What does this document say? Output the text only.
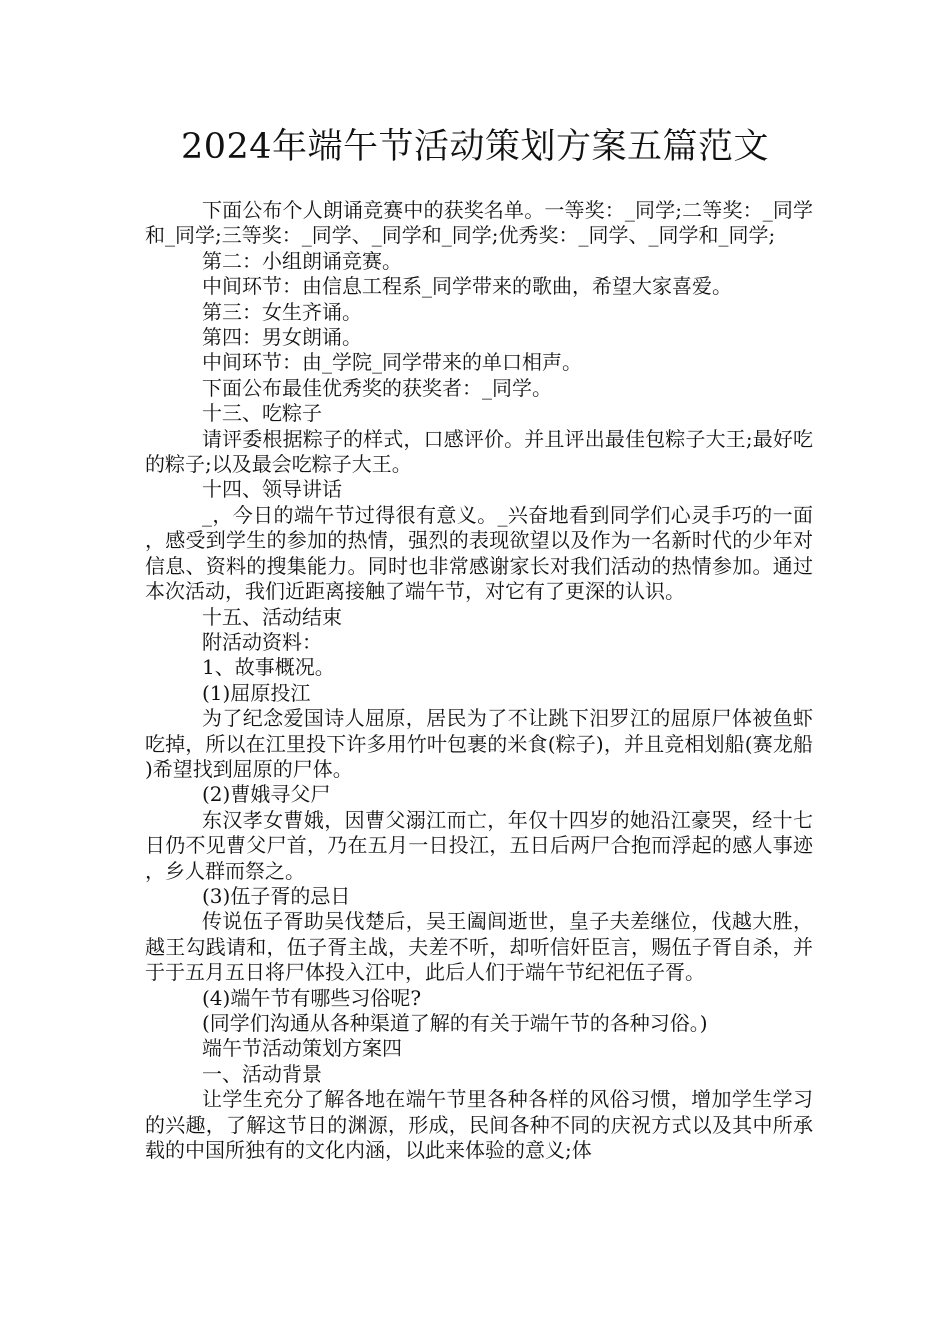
2024年端午节活动策划方案五篇范文

下面公布个人朗诵竞赛中的获奖名单。一等奖：_同学;二等奖：_同学和_同学;三等奖：_同学、_同学和_同学;优秀奖：_同学、_同学和_同学;

第二：小组朗诵竞赛。

中间环节：由信息工程系_同学带来的歌曲，希望大家喜爱。

第三：女生齐诵。

第四：男女朗诵。

中间环节：由_学院_同学带来的单口相声。

下面公布最佳优秀奖的获奖者：_同学。

十三、吃粽子

请评委根据粽子的样式，口感评价。并且评出最佳包粽子大王;最好吃的粽子;以及最会吃粽子大王。

十四、领导讲话

_，今日的端午节过得很有意义。_兴奋地看到同学们心灵手巧的一面，感受到学生的参加的热情，强烈的表现欲望以及作为一名新时代的少年对信息、资料的搜集能力。同时也非常感谢家长对我们活动的热情参加。通过本次活动，我们近距离接触了端午节，对它有了更深的认识。

十五、活动结束

附活动资料：

1、故事概况。

(1)屈原投江

为了纪念爱国诗人屈原，居民为了不让跳下汨罗江的屈原尸体被鱼虾吃掉，所以在江里投下许多用竹叶包裹的米食(粽子)，并且竞相划船(赛龙船)希望找到屈原的尸体。

(2)曹娥寻父尸

东汉孝女曹娥，因曹父溺江而亡，年仅十四岁的她沿江豪哭，经十七日仍不见曹父尸首，乃在五月一日投江，五日后两尸合抱而浮起的感人事迹，乡人群而祭之。

(3)伍子胥的忌日

传说伍子胥助吴伐楚后，吴王阖闾逝世，皇子夫差继位，伐越大胜，越王勾践请和，伍子胥主战，夫差不听，却听信奸臣言，赐伍子胥自杀，并于于五月五日将尸体投入江中，此后人们于端午节纪祀伍子胥。

(4)端午节有哪些习俗呢?

(同学们沟通从各种渠道了解的有关于端午节的各种习俗。)

端午节活动策划方案四

一、活动背景

让学生充分了解各地在端午节里各种各样的风俗习惯，增加学生学习的兴趣，了解这节日的渊源，形成，民间各种不同的庆祝方式以及其中所承载的中国所独有的文化内涵，以此来体验的意义;体
